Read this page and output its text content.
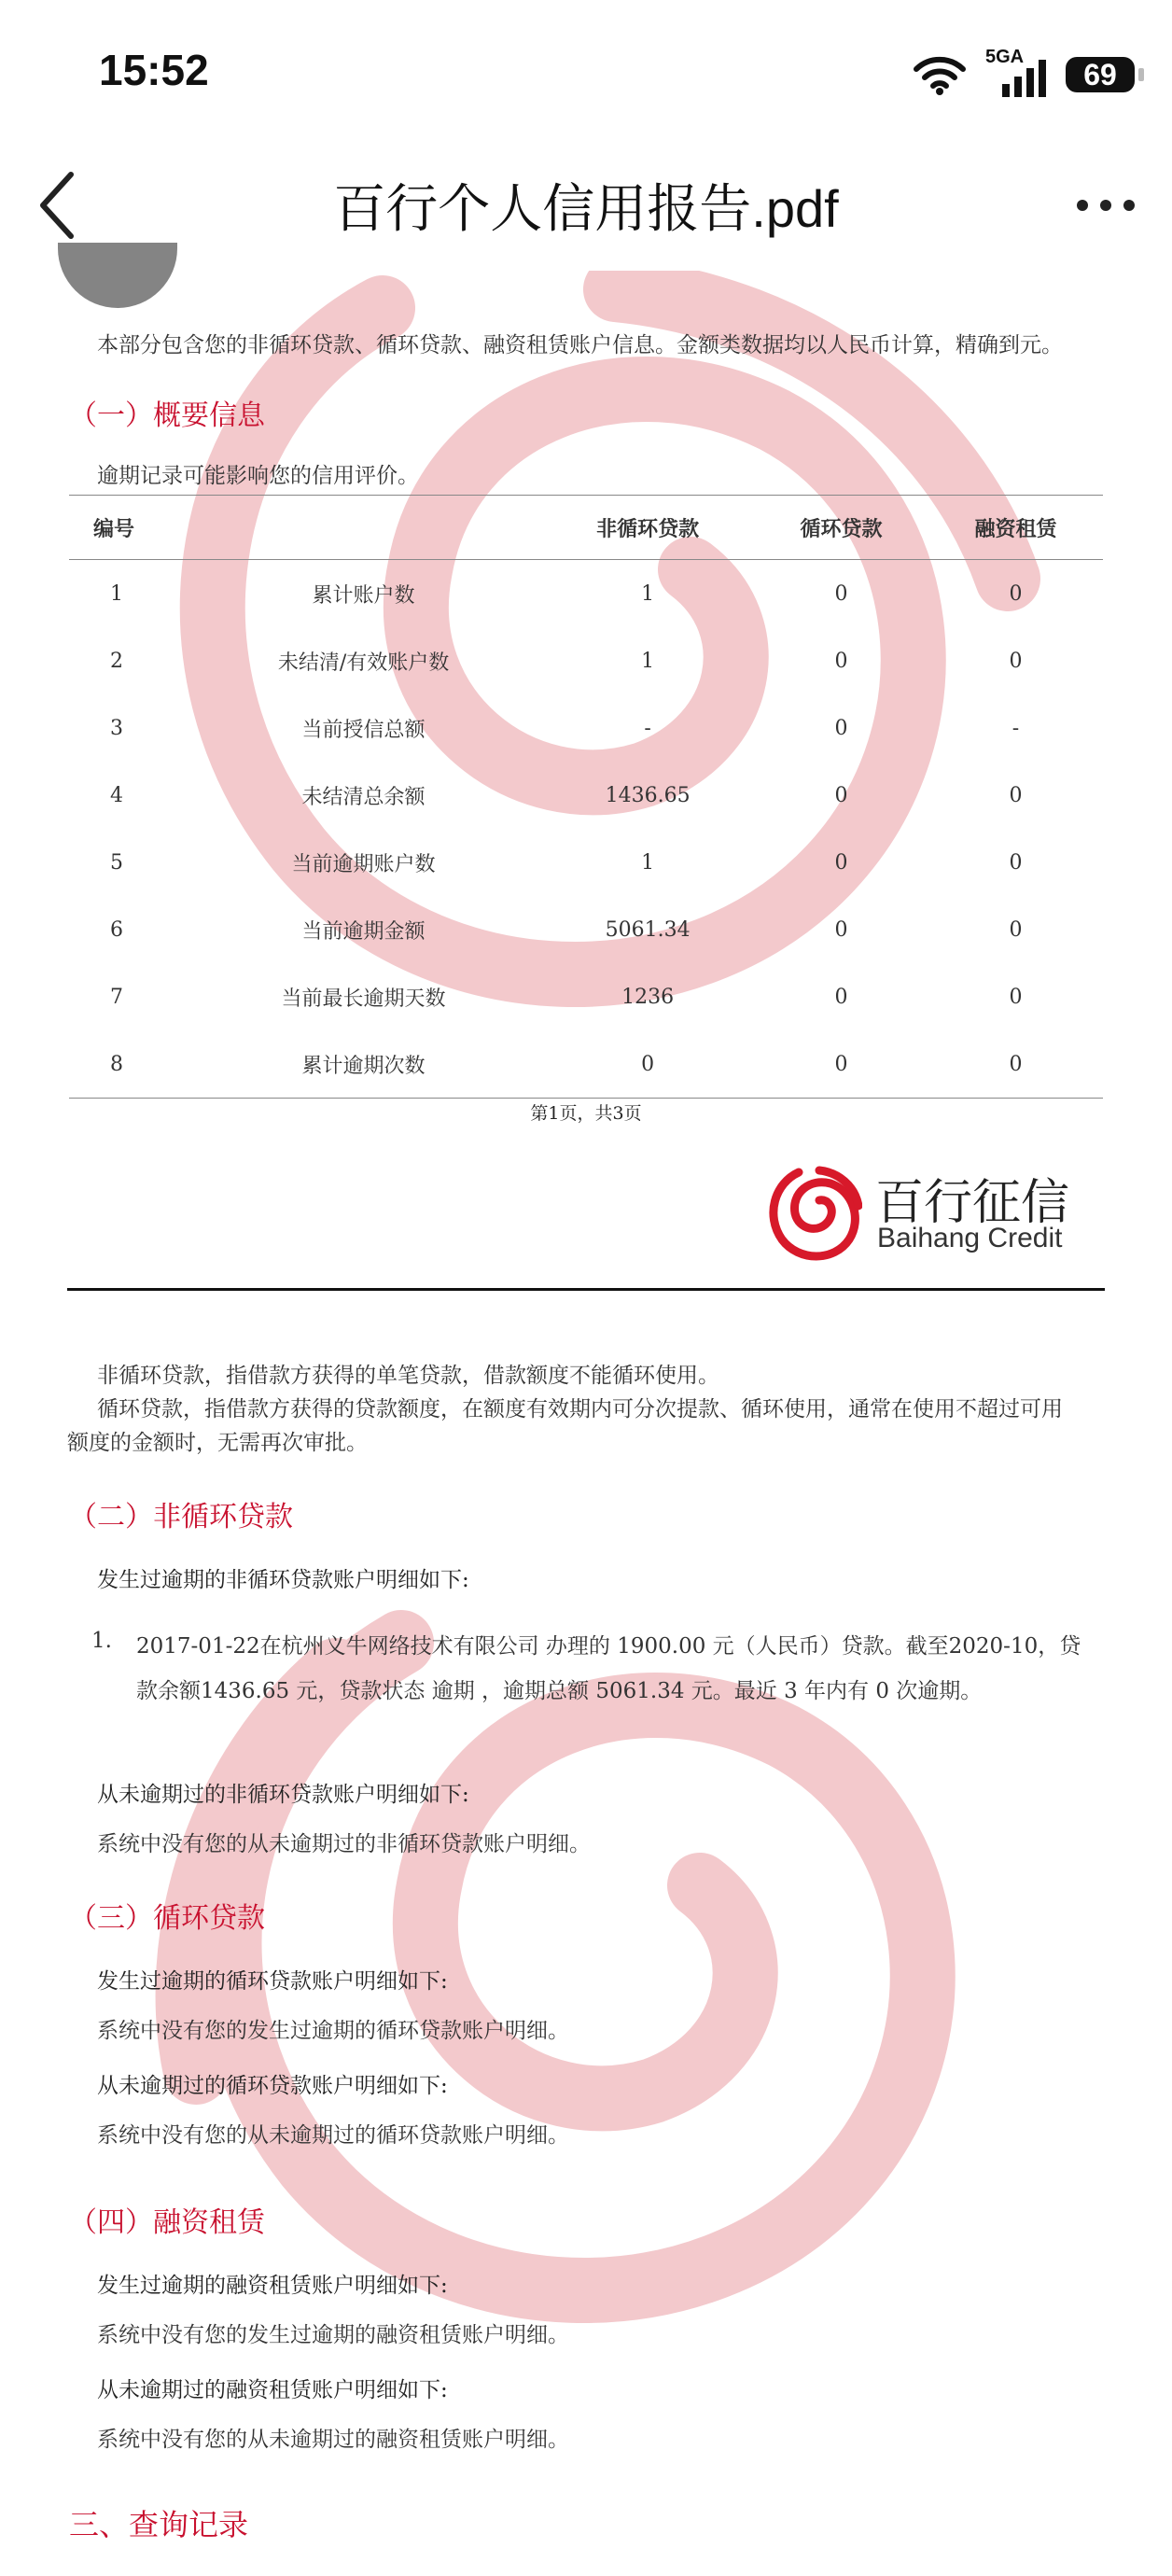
15:52	5GA
69
百行个人信用报告.pdf
本部分包含您的非循环贷款、循环贷款、融资租赁账户信息。金额类数据均以人民币计算，精确到元。
（一）概要信息
逾期记录可能影响您的信用评价。
编号		非循环贷款	循环贷款	融资租赁
1	累计账户数	1	0	0
2	未结清/有效账户数	1	0	0
3	当前授信总额	-	0	-
4	未结清总余额	1436.65	0	0
5	当前逾期账户数	1	0	0
6	当前逾期金额	5061.34	0	0
7	当前最长逾期天数	1236	0	0
8	累计逾期次数	0	0	0
第1页，共3页
百行征信
Baihang Credit
非循环贷款，指借款方获得的单笔贷款，借款额度不能循环使用。
循环贷款，指借款方获得的贷款额度，在额度有效期内可分次提款、循环使用，通常在使用不超过可用
额度的金额时，无需再次审批。
（二）非循环贷款
发生过逾期的非循环贷款账户明细如下:
1. 2017-01-22在杭州义牛网络技术有限公司 办理的 1900.00 元（人民币）贷款。截至2020-10，贷
款余额1436.65 元，贷款状态 逾期 ，逾期总额 5061.34 元。最近 3 年内有 0 次逾期。
从未逾期过的非循环贷款账户明细如下:
系统中没有您的从未逾期过的非循环贷款账户明细。
（三）循环贷款
发生过逾期的循环贷款账户明细如下:
系统中没有您的发生过逾期的循环贷款账户明细。
从未逾期过的循环贷款账户明细如下:
系统中没有您的从未逾期过的循环贷款账户明细。
（四）融资租赁
发生过逾期的融资租赁账户明细如下:
系统中没有您的发生过逾期的融资租赁账户明细。
从未逾期过的融资租赁账户明细如下:
系统中没有您的从未逾期过的融资租赁账户明细。
三、查询记录
